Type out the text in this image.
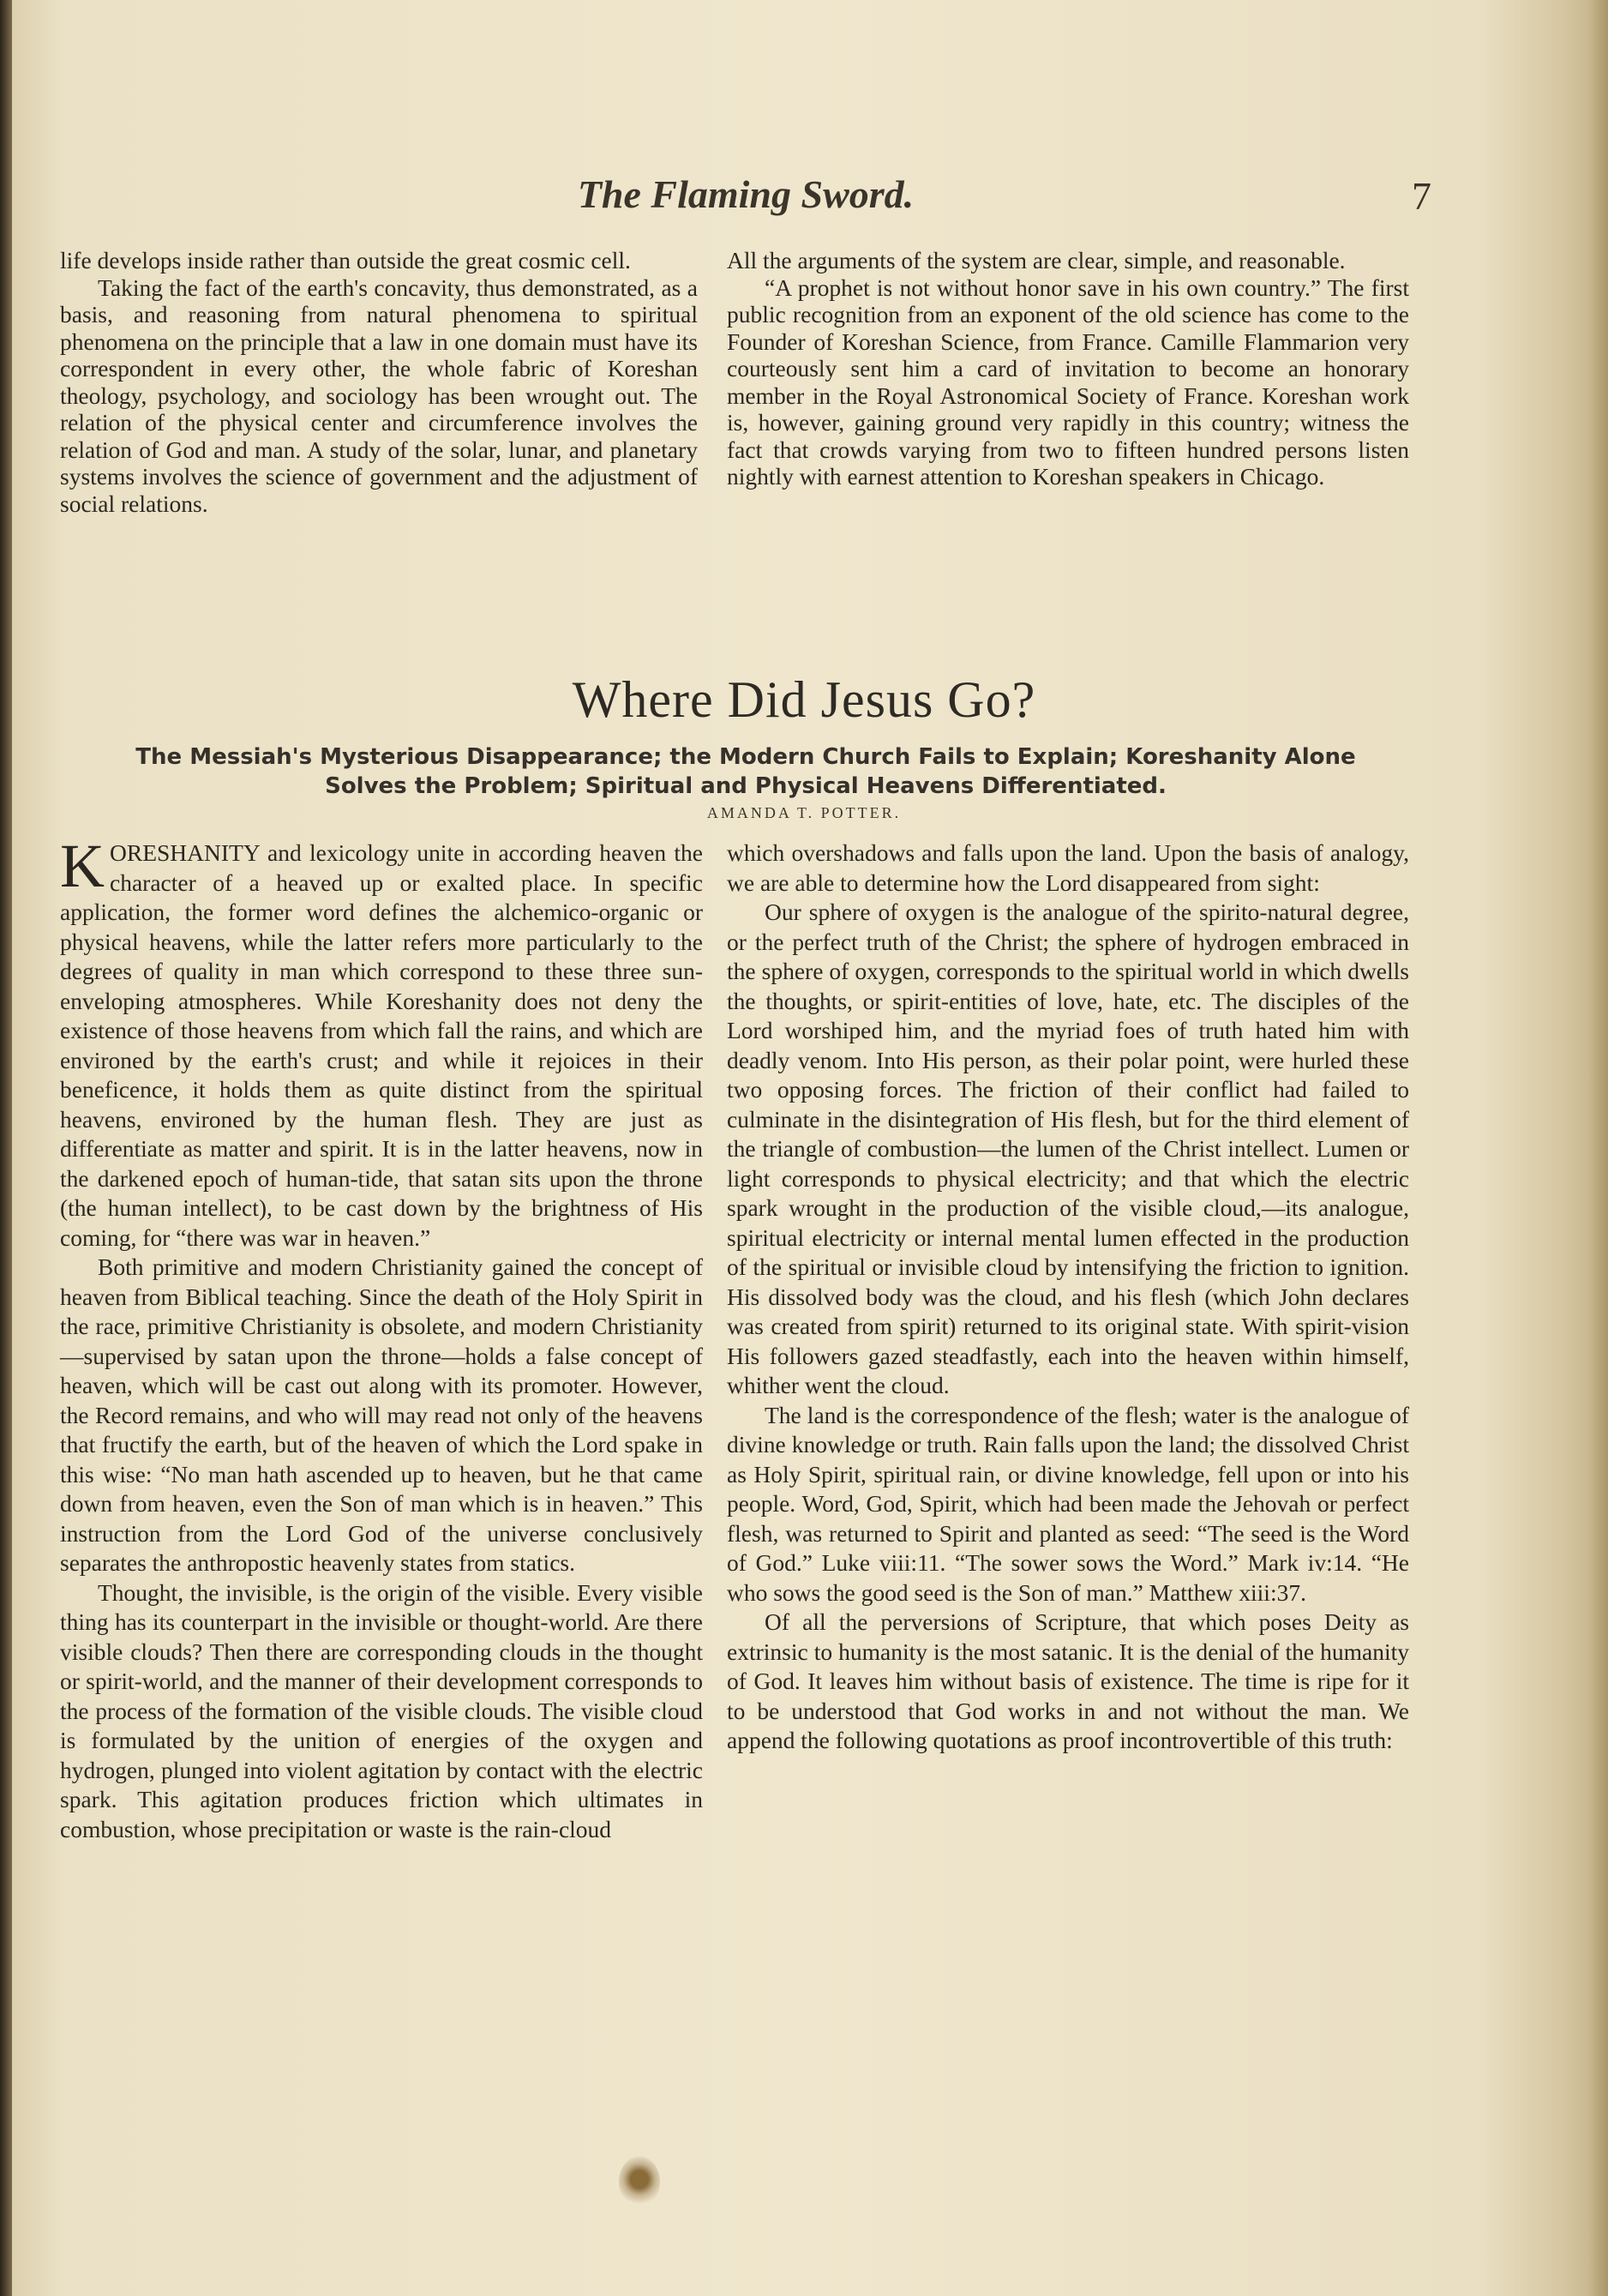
The Flaming Sword.	7

life develops inside rather than outside the great cosmic cell.

Taking the fact of the earth's concavity, thus demonstrated, as a basis, and reasoning from natural phenomena to spiritual phenomena on the principle that a law in one domain must have its correspondent in every other, the whole fabric of Koreshan theology, psychology, and sociology has been wrought out. The relation of the physical center and circumference involves the relation of God and man. A study of the solar, lunar, and planetary systems involves the science of government and the adjustment of social relations.

All the arguments of the system are clear, simple, and reasonable.

“A prophet is not without honor save in his own country.” The first public recognition from an exponent of the old science has come to the Founder of Koreshan Science, from France. Camille Flammarion very courteously sent him a card of invitation to become an honorary member in the Royal Astronomical Society of France. Koreshan work is, however, gaining ground very rapidly in this country; witness the fact that crowds varying from two to fifteen hundred persons listen nightly with earnest attention to Koreshan speakers in Chicago.

Where Did Jesus Go?
The Messiah's Mysterious Disappearance; the Modern Church Fails to Explain; Koreshanity Alone
Solves the Problem; Spiritual and Physical Heavens Differentiated.
AMANDA T. POTTER.

KORESHANITY and lexicology unite in according heaven the character of a heaved up or exalted place. In specific application, the former word defines the alchemico-organic or physical heavens, while the latter refers more particularly to the degrees of quality in man which correspond to these three sun-enveloping atmospheres. While Koreshanity does not deny the existence of those heavens from which fall the rains, and which are environed by the earth's crust; and while it rejoices in their beneficence, it holds them as quite distinct from the spiritual heavens, environed by the human flesh. They are just as differentiate as matter and spirit. It is in the latter heavens, now in the darkened epoch of human-tide, that satan sits upon the throne (the human intellect), to be cast down by the brightness of His coming, for “there was war in heaven.”

Both primitive and modern Christianity gained the concept of heaven from Biblical teaching. Since the death of the Holy Spirit in the race, primitive Christianity is obsolete, and modern Christianity—supervised by satan upon the throne—holds a false concept of heaven, which will be cast out along with its promoter. However, the Record remains, and who will may read not only of the heavens that fructify the earth, but of the heaven of which the Lord spake in this wise: “No man hath ascended up to heaven, but he that came down from heaven, even the Son of man which is in heaven.” This instruction from the Lord God of the universe conclusively separates the anthropostic heavenly states from statics.

Thought, the invisible, is the origin of the visible. Every visible thing has its counterpart in the invisible or thought-world. Are there visible clouds? Then there are corresponding clouds in the thought or spirit-world, and the manner of their development corresponds to the process of the formation of the visible clouds. The visible cloud is formulated by the unition of energies of the oxygen and hydrogen, plunged into violent agitation by contact with the electric spark. This agitation produces friction which ultimates in combustion, whose precipitation or waste is the rain-cloud

which overshadows and falls upon the land. Upon the basis of analogy, we are able to determine how the Lord disappeared from sight:

Our sphere of oxygen is the analogue of the spirito-natural degree, or the perfect truth of the Christ; the sphere of hydrogen embraced in the sphere of oxygen, corresponds to the spiritual world in which dwells the thoughts, or spirit-entities of love, hate, etc. The disciples of the Lord worshiped him, and the myriad foes of truth hated him with deadly venom. Into His person, as their polar point, were hurled these two opposing forces. The friction of their conflict had failed to culminate in the disintegration of His flesh, but for the third element of the triangle of combustion—the lumen of the Christ intellect. Lumen or light corresponds to physical electricity; and that which the electric spark wrought in the production of the visible cloud,—its analogue, spiritual electricity or internal mental lumen effected in the production of the spiritual or invisible cloud by intensifying the friction to ignition. His dissolved body was the cloud, and his flesh (which John declares was created from spirit) returned to its original state. With spirit-vision His followers gazed steadfastly, each into the heaven within himself, whither went the cloud.

The land is the correspondence of the flesh; water is the analogue of divine knowledge or truth. Rain falls upon the land; the dissolved Christ as Holy Spirit, spiritual rain, or divine knowledge, fell upon or into his people. Word, God, Spirit, which had been made the Jehovah or perfect flesh, was returned to Spirit and planted as seed: “The seed is the Word of God.” Luke viii:11. “The sower sows the Word.” Mark iv:14. “He who sows the good seed is the Son of man.” Matthew xiii:37.

Of all the perversions of Scripture, that which poses Deity as extrinsic to humanity is the most satanic. It is the denial of the humanity of God. It leaves him without basis of existence. The time is ripe for it to be understood that God works in and not without the man. We append the following quotations as proof incontrovertible of this truth:
